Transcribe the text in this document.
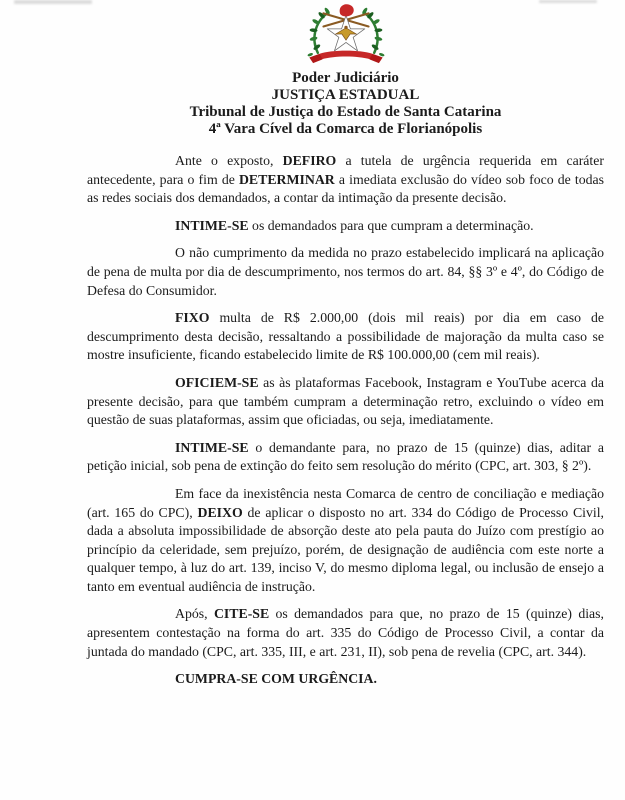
Poder Judiciário
JUSTIÇA ESTADUAL
Tribunal de Justiça do Estado de Santa Catarina
4ª Vara Cível da Comarca de Florianópolis

Ante o exposto, DEFIRO a tutela de urgência requerida em caráter antecedente, para o fim de DETERMINAR a imediata exclusão do vídeo sob foco de todas as redes sociais dos demandados, a contar da intimação da presente decisão.

INTIME-SE os demandados para que cumpram a determinação.

O não cumprimento da medida no prazo estabelecido implicará na aplicação de pena de multa por dia de descumprimento, nos termos do art. 84, §§ 3º e 4º, do Código de Defesa do Consumidor.

FIXO multa de R$ 2.000,00 (dois mil reais) por dia em caso de descumprimento desta decisão, ressaltando a possibilidade de majoração da multa caso se mostre insuficiente, ficando estabelecido limite de R$ 100.000,00 (cem mil reais).

OFICIEM-SE as às plataformas Facebook, Instagram e YouTube acerca da presente decisão, para que também cumpram a determinação retro, excluindo o vídeo em questão de suas plataformas, assim que oficiadas, ou seja, imediatamente.

INTIME-SE o demandante para, no prazo de 15 (quinze) dias, aditar a petição inicial, sob pena de extinção do feito sem resolução do mérito (CPC, art. 303, § 2º).

Em face da inexistência nesta Comarca de centro de conciliação e mediação (art. 165 do CPC), DEIXO de aplicar o disposto no art. 334 do Código de Processo Civil, dada a absoluta impossibilidade de absorção deste ato pela pauta do Juízo com prestígio ao princípio da celeridade, sem prejuízo, porém, de designação de audiência com este norte a qualquer tempo, à luz do art. 139, inciso V, do mesmo diploma legal, ou inclusão de ensejo a tanto em eventual audiência de instrução.

Após, CITE-SE os demandados para que, no prazo de 15 (quinze) dias, apresentem contestação na forma do art. 335 do Código de Processo Civil, a contar da juntada do mandado (CPC, art. 335, III, e art. 231, II), sob pena de revelia (CPC, art. 344).

CUMPRA-SE COM URGÊNCIA.
